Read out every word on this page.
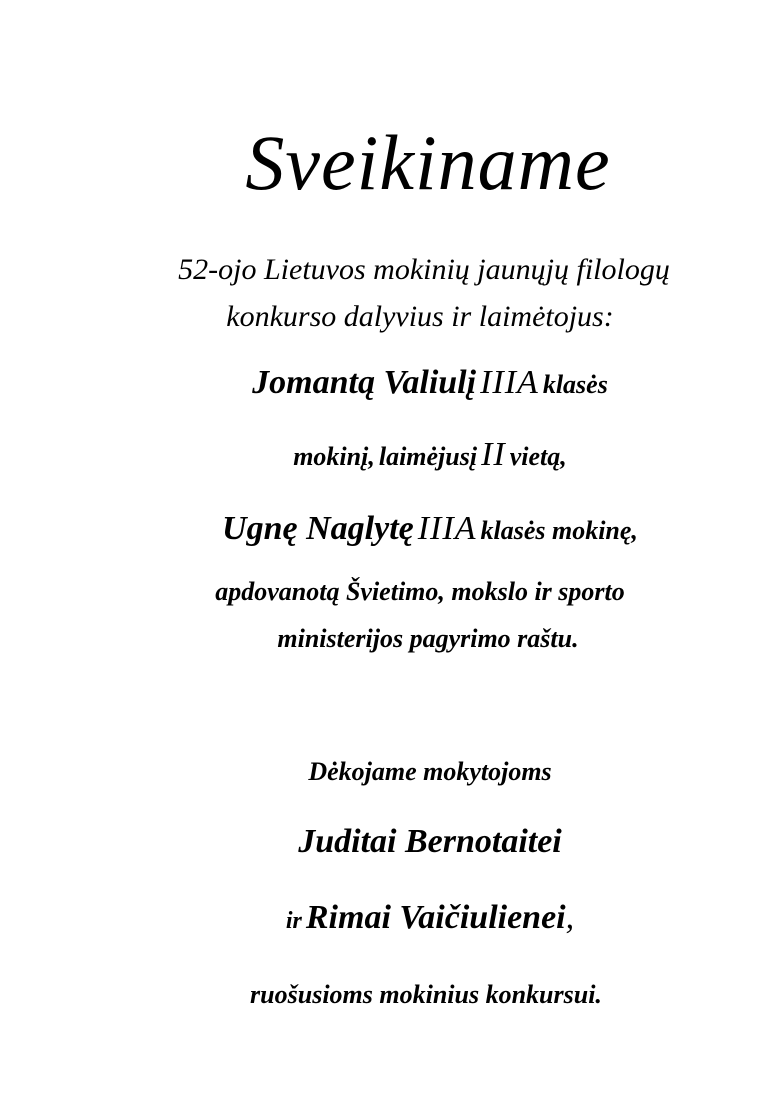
Sveikiname
52-ojo Lietuvos mokinių jaunųjų filologų
konkurso dalyvius ir laimėtojus:
Jomantą Valiulį IIIA klasės
mokinį, laimėjusį II vietą,
Ugnę Naglytę IIIA klasės mokinę,
apdovanotą Švietimo, mokslo ir sporto
ministerijos pagyrimo raštu.
Dėkojame mokytojoms
Juditai Bernotaitei
ir Rimai Vaičiulienei,
ruošusioms mokinius konkursui.
